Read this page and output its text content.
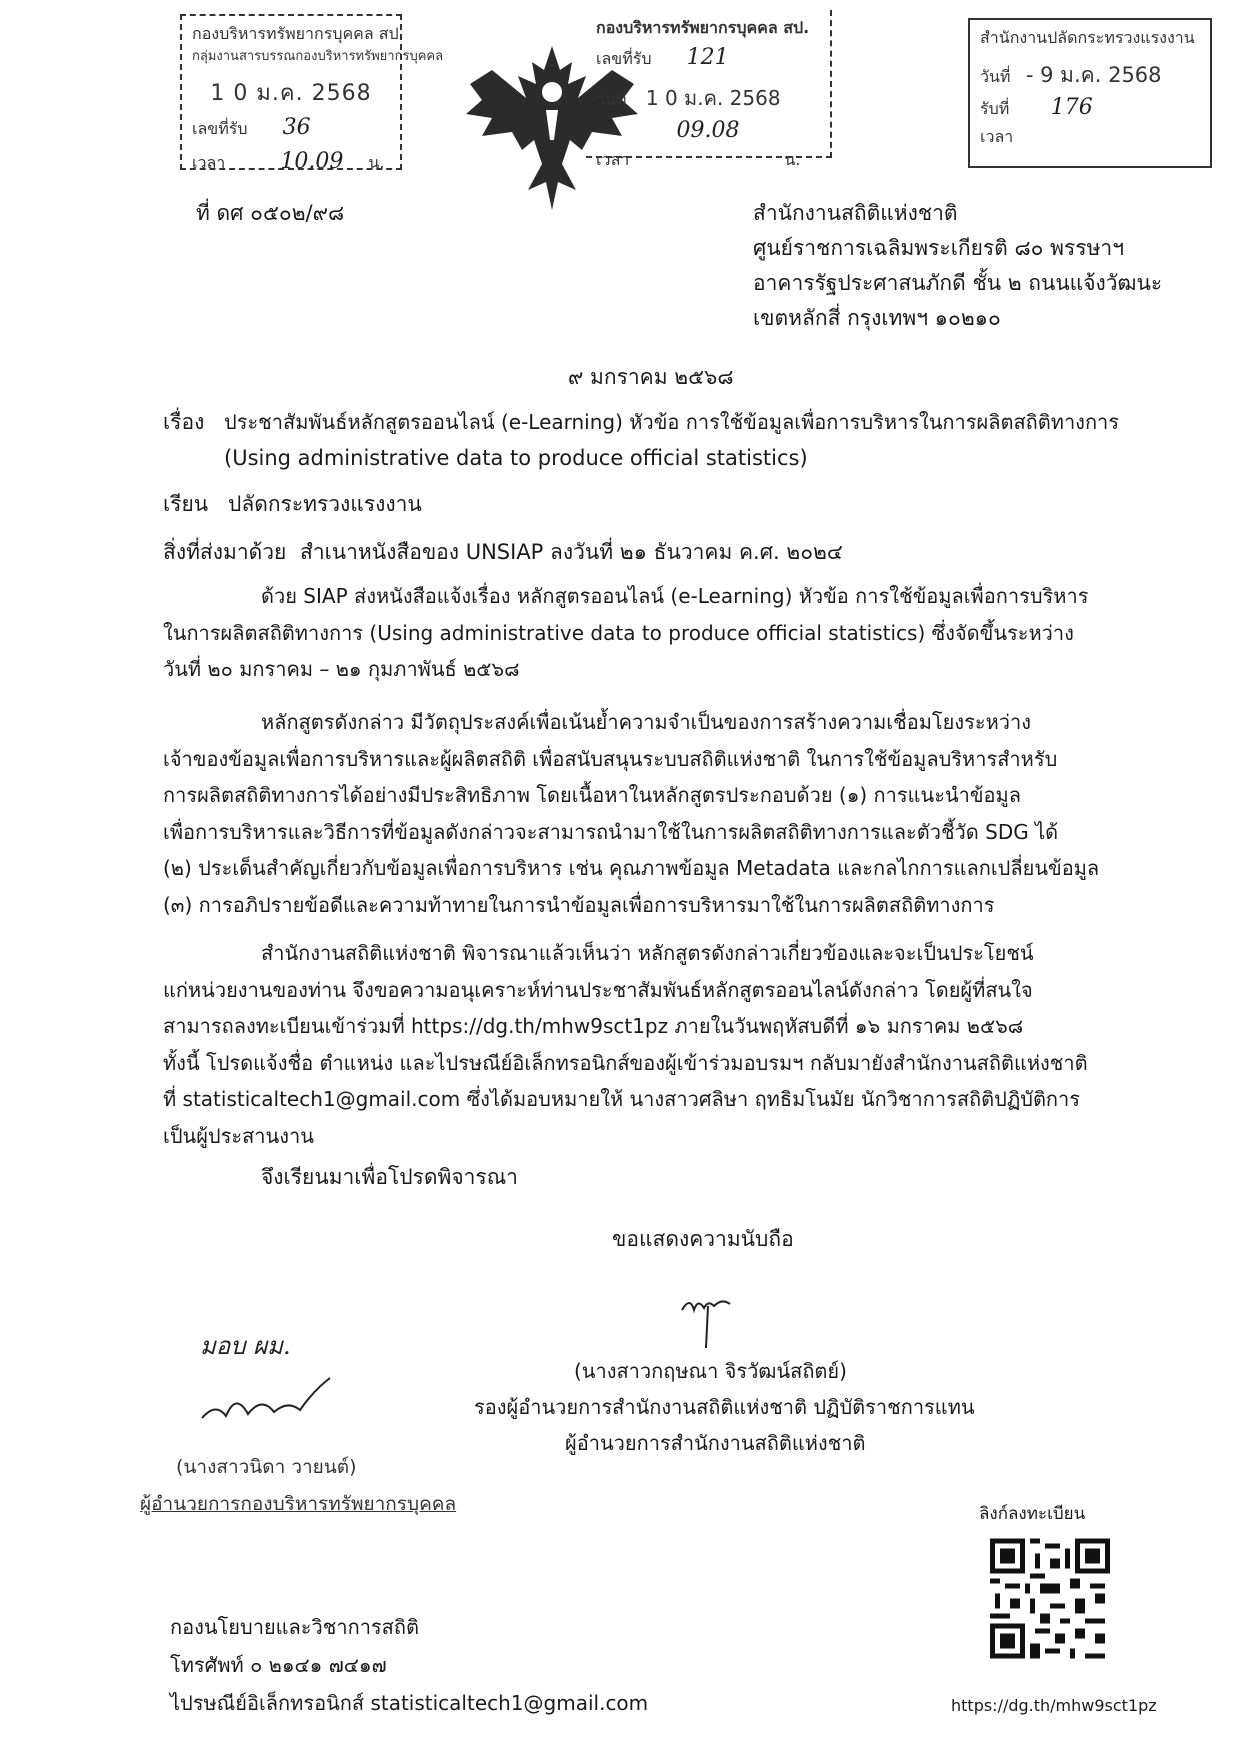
กองบริหารทรัพยากรบุคคล สป.
กลุ่มงานสารบรรณกองบริหารทรัพยากรบุคคล
1 0 ม.ค. 2568
เลขที่รับ 36
เวลา	10.09 น.
กองบริหารทรัพยากรบุคคล สป.
เลขที่รับ 121
วันที่ 1 0 ม.ค. 2568
09.08
เวลา	น.
สำนักงานปลัดกระทรวงแรงงาน
วันที่ - 9 ม.ค. 2568
รับที่ 176
เวลา
ที่ ดศ ๐๕๐๒/๙๘	สำนักงานสถิติแห่งชาติ
ศูนย์ราชการเฉลิมพระเกียรติ ๘๐ พรรษาฯ
อาคารรัฐประศาสนภักดี ชั้น ๒ ถนนแจ้งวัฒนะ
เขตหลักสี่ กรุงเทพฯ ๑๐๒๑๐
๙ มกราคม ๒๕๖๘
เรื่อง ประชาสัมพันธ์หลักสูตรออนไลน์ (e-Learning) หัวข้อ การใช้ข้อมูลเพื่อการบริหารในการผลิตสถิติทางการ
(Using administrative data to produce official statistics)
เรียน ปลัดกระทรวงแรงงาน
สิ่งที่ส่งมาด้วย สำเนาหนังสือของ UNSIAP ลงวันที่ ๒๑ ธันวาคม ค.ศ. ๒๐๒๔
ด้วย SIAP ส่งหนังสือแจ้งเรื่อง หลักสูตรออนไลน์ (e-Learning) หัวข้อ การใช้ข้อมูลเพื่อการบริหาร
ในการผลิตสถิติทางการ (Using administrative data to produce official statistics) ซึ่งจัดขึ้นระหว่าง
วันที่ ๒๐ มกราคม – ๒๑ กุมภาพันธ์ ๒๕๖๘
หลักสูตรดังกล่าว มีวัตถุประสงค์เพื่อเน้นย้ำความจำเป็นของการสร้างความเชื่อมโยงระหว่าง
เจ้าของข้อมูลเพื่อการบริหารและผู้ผลิตสถิติ เพื่อสนับสนุนระบบสถิติแห่งชาติ ในการใช้ข้อมูลบริหารสำหรับ
การผลิตสถิติทางการได้อย่างมีประสิทธิภาพ โดยเนื้อหาในหลักสูตรประกอบด้วย (๑) การแนะนำข้อมูล
เพื่อการบริหารและวิธีการที่ข้อมูลดังกล่าวจะสามารถนำมาใช้ในการผลิตสถิติทางการและตัวชี้วัด SDG ได้
(๒) ประเด็นสำคัญเกี่ยวกับข้อมูลเพื่อการบริหาร เช่น คุณภาพข้อมูล Metadata และกลไกการแลกเปลี่ยนข้อมูล
(๓) การอภิปรายข้อดีและความท้าทายในการนำข้อมูลเพื่อการบริหารมาใช้ในการผลิตสถิติทางการ
สำนักงานสถิติแห่งชาติ พิจารณาแล้วเห็นว่า หลักสูตรดังกล่าวเกี่ยวข้องและจะเป็นประโยชน์
แก่หน่วยงานของท่าน จึงขอความอนุเคราะห์ท่านประชาสัมพันธ์หลักสูตรออนไลน์ดังกล่าว โดยผู้ที่สนใจ
สามารถลงทะเบียนเข้าร่วมที่ https://dg.th/mhw9sct1pz ภายในวันพฤหัสบดีที่ ๑๖ มกราคม ๒๕๖๘
ทั้งนี้ โปรดแจ้งชื่อ ตำแหน่ง และไปรษณีย์อิเล็กทรอนิกส์ของผู้เข้าร่วมอบรมฯ กลับมายังสำนักงานสถิติแห่งชาติ
ที่ statisticaltech1@gmail.com ซึ่งได้มอบหมายให้ นางสาวศลิษา ฤทธิมโนมัย นักวิชาการสถิติปฏิบัติการ
เป็นผู้ประสานงาน
จึงเรียนมาเพื่อโปรดพิจารณา
ขอแสดงความนับถือ
(นางสาวกฤษณา จิรวัฒน์สถิตย์)
รองผู้อำนวยการสำนักงานสถิติแห่งชาติ ปฏิบัติราชการแทน
ผู้อำนวยการสำนักงานสถิติแห่งชาติ
มอบ ผม.
(นางสาวนิดา วายนต์)
ผู้อำนวยการกองบริหารทรัพยากรบุคคล
กองนโยบายและวิชาการสถิติ
โทรศัพท์ ๐ ๒๑๔๑ ๗๔๑๗
ไปรษณีย์อิเล็กทรอนิกส์ statisticaltech1@gmail.com
ลิงก์ลงทะเบียน
https://dg.th/mhw9sct1pz
